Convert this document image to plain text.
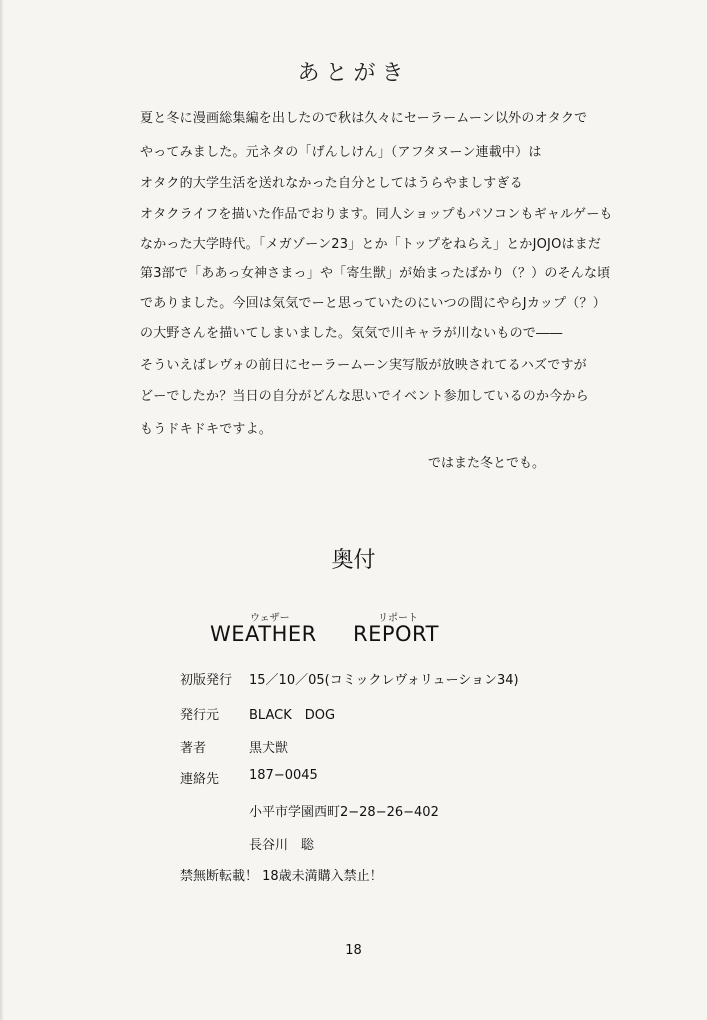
あとがき
夏と冬に漫画総集編を出したので秋は久々にセーラームーン以外のオタクで
やってみました。元ネタの「げんしけん」（アフタヌーン連載中）は
オタク的大学生活を送れなかった自分としてはうらやましすぎる
オタクライフを描いた作品でおります。同人ショップもパソコンもギャルゲーも
なかった大学時代。「メガゾーン23」とか「トップをねらえ」とかJOJOはまだ
第3部で「ああっ女神さまっ」や「寄生獣」が始まったばかり（？）のそんな頃
でありました。今回は気気でーと思っていたのにいつの間にやらJカップ（？）
の大野さんを描いてしまいました。気気で川キャラが川ないもので――
そういえばレヴォの前日にセーラームーン実写版が放映されてるハズですが
どーでしたか？当日の自分がどんな思いでイベント参加しているのか今から
もうドキドキですよ。
ではまた冬とでも。
奥付
ウェザー	リポート
WEATHER REPORT
初版発行 15／10／05(コミックレヴォリューション34)
発行元 BLACK　DOG
著者	黒犬獣
連絡先 187−0045
小平市学園西町2−28−26−402
長谷川　聡
禁無断転載！ 18歳未満購入禁止！
18
